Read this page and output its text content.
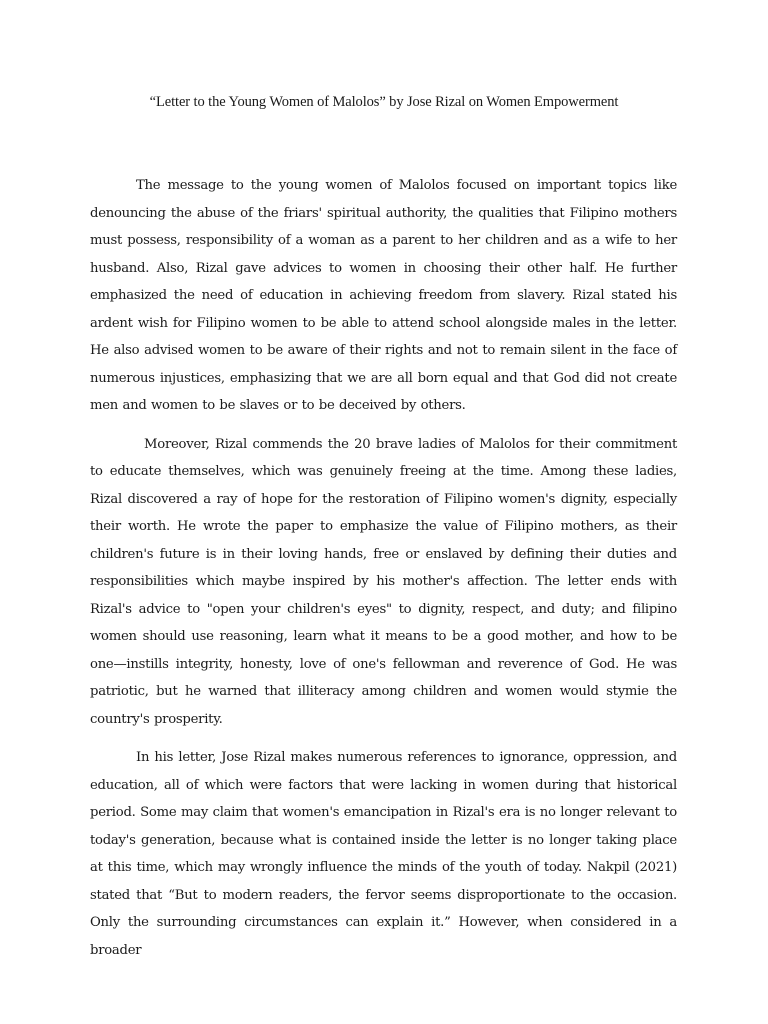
“Letter to the Young Women of Malolos” by Jose Rizal on Women Empowerment

The message to the young women of Malolos focused on important topics like denouncing the abuse of the friars' spiritual authority, the qualities that Filipino mothers must possess, responsibility of a woman as a parent to her children and as a wife to her husband. Also, Rizal gave advices to women in choosing their other half. He further emphasized the need of education in achieving freedom from slavery. Rizal stated his ardent wish for Filipino women to be able to attend school alongside males in the letter. He also advised women to be aware of their rights and not to remain silent in the face of numerous injustices, emphasizing that we are all born equal and that God did not create men and women to be slaves or to be deceived by others.

Moreover, Rizal commends the 20 brave ladies of Malolos for their commitment to educate themselves, which was genuinely freeing at the time. Among these ladies, Rizal discovered a ray of hope for the restoration of Filipino women's dignity, especially their worth. He wrote the paper to emphasize the value of Filipino mothers, as their children's future is in their loving hands, free or enslaved by defining their duties and responsibilities which maybe inspired by his mother's affection. The letter ends with Rizal's advice to "open your children's eyes" to dignity, respect, and duty; and filipino women should use reasoning, learn what it means to be a good mother, and how to be one—instills integrity, honesty, love of one's fellowman and reverence of God. He was patriotic, but he warned that illiteracy among children and women would stymie the country's prosperity.

In his letter, Jose Rizal makes numerous references to ignorance, oppression, and education, all of which were factors that were lacking in women during that historical period. Some may claim that women's emancipation in Rizal's era is no longer relevant to today's generation, because what is contained inside the letter is no longer taking place at this time, which may wrongly influence the minds of the youth of today. Nakpil (2021) stated that “But to modern readers, the fervor seems disproportionate to the occasion. Only the surrounding circumstances can explain it.” However, when considered in a broader
